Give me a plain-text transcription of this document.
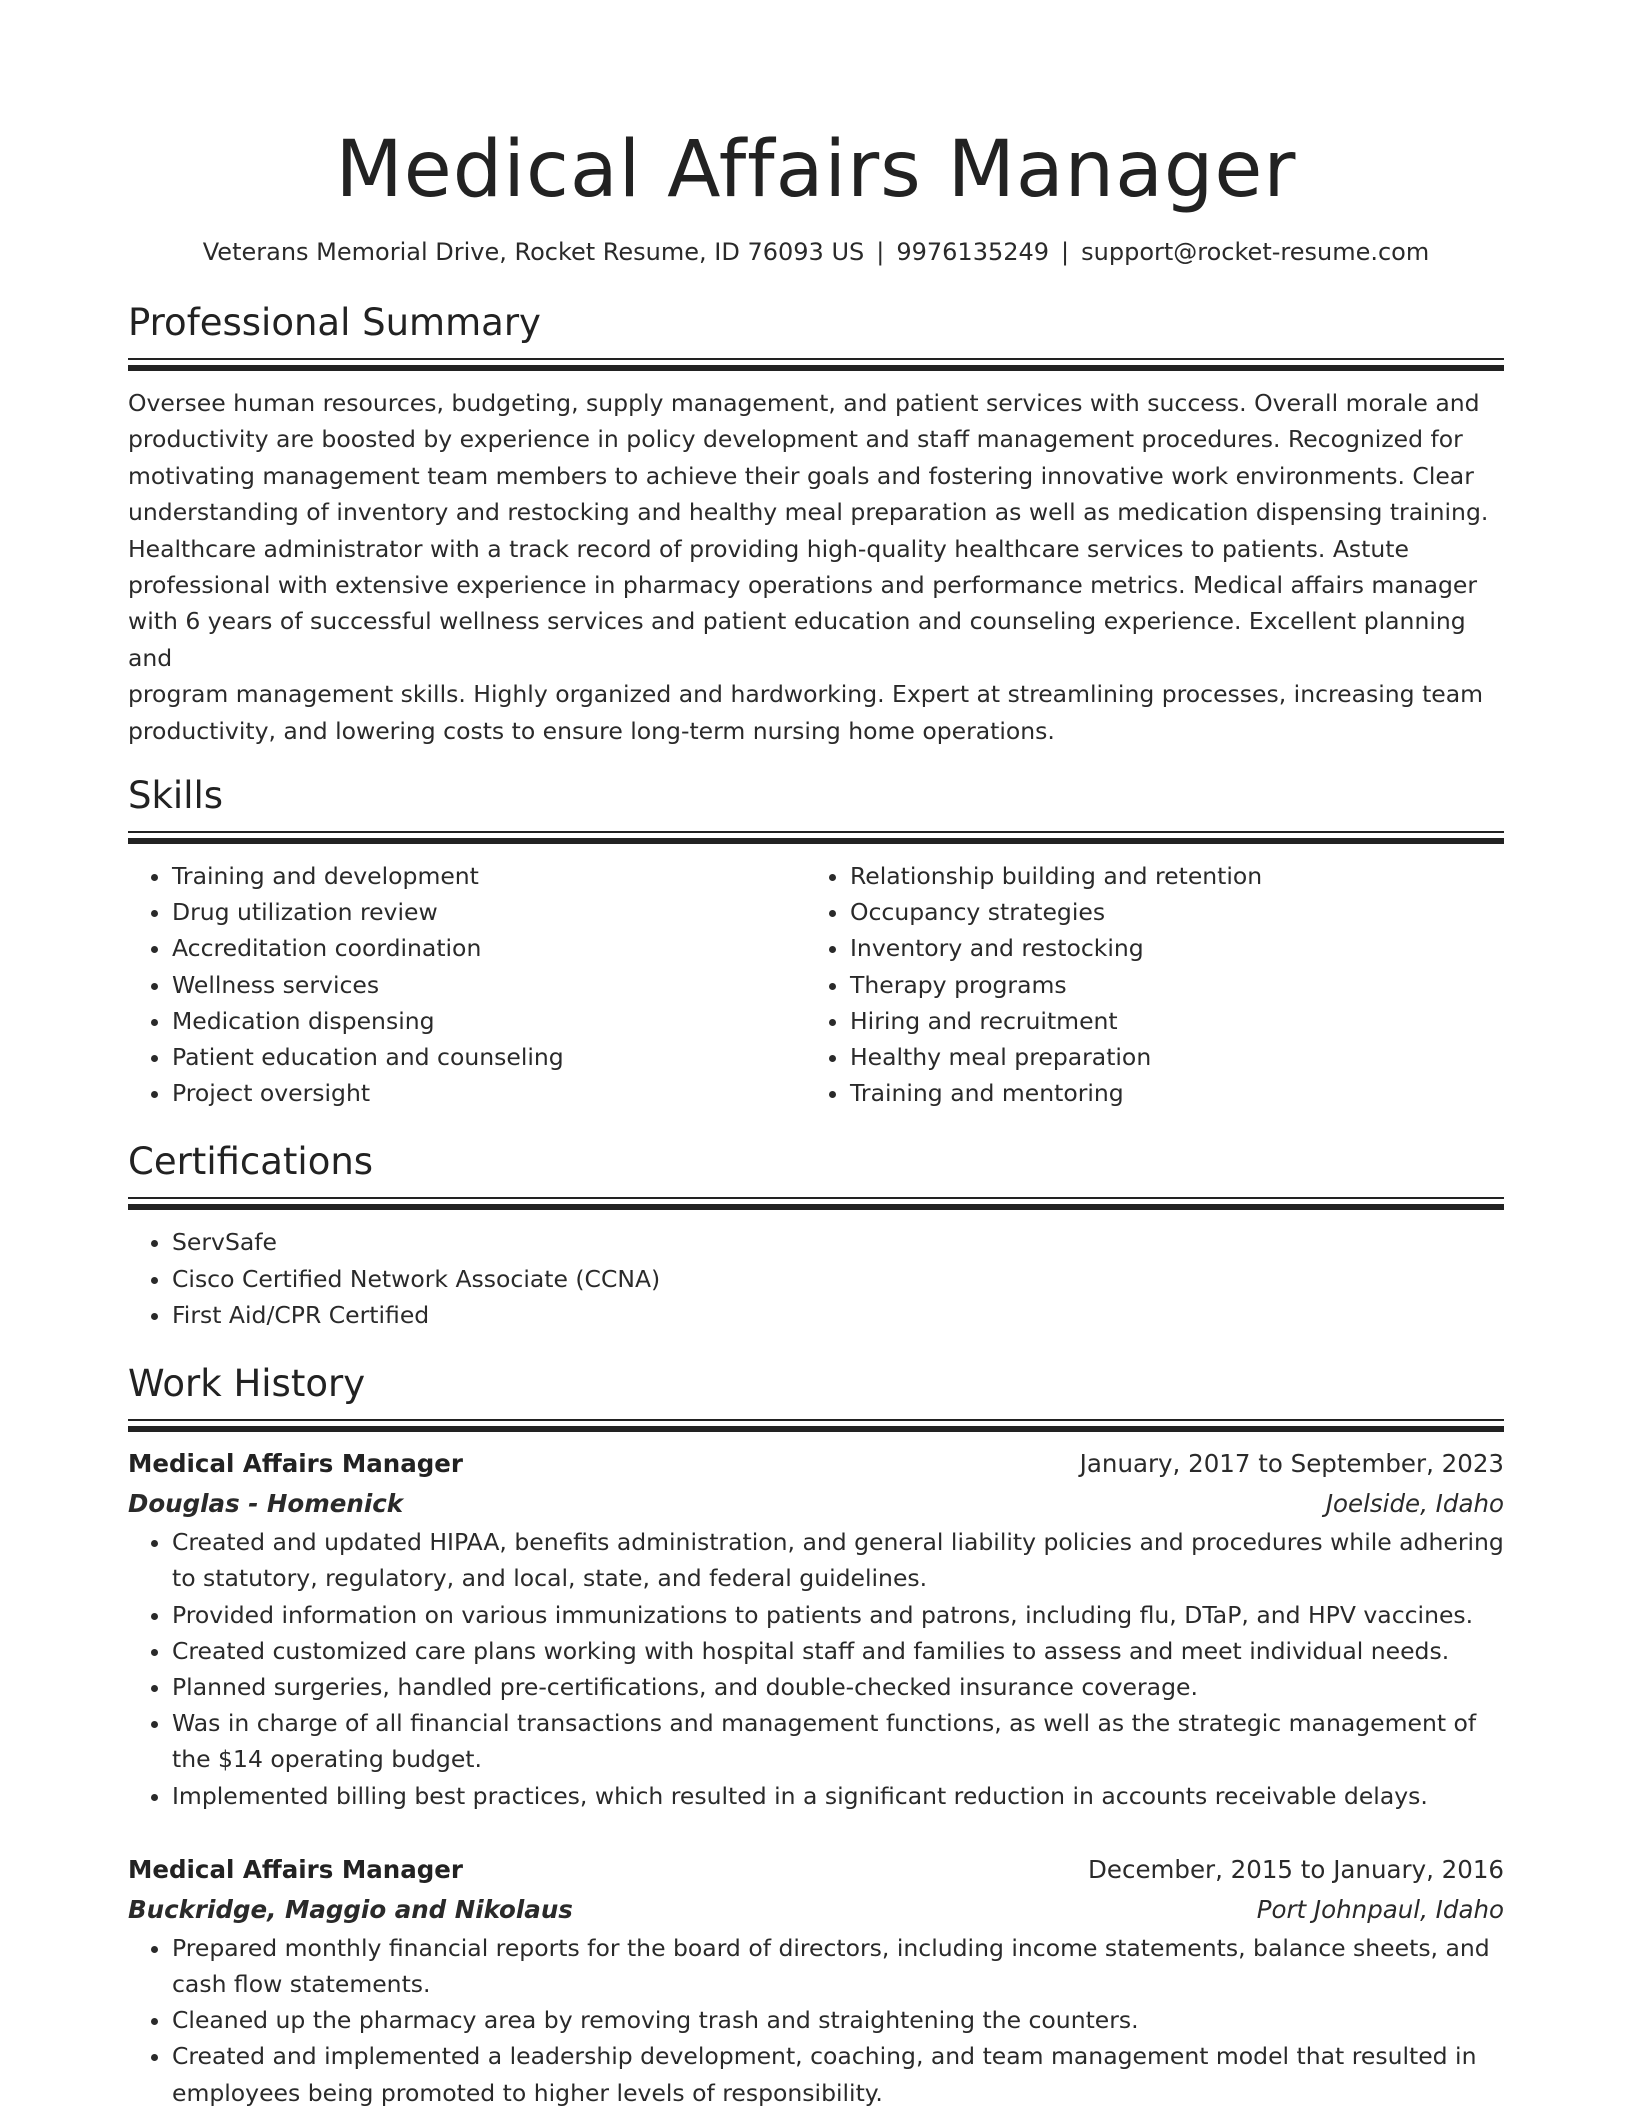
Medical Affairs Manager
Veterans Memorial Drive, Rocket Resume, ID 76093 US | 9976135249 | support@rocket-resume.com
Professional Summary
Oversee human resources, budgeting, supply management, and patient services with success. Overall morale and
productivity are boosted by experience in policy development and staff management procedures. Recognized for
motivating management team members to achieve their goals and fostering innovative work environments. Clear
understanding of inventory and restocking and healthy meal preparation as well as medication dispensing training.
Healthcare administrator with a track record of providing high-quality healthcare services to patients. Astute
professional with extensive experience in pharmacy operations and performance metrics. Medical affairs manager
with 6 years of successful wellness services and patient education and counseling experience. Excellent planning and
program management skills. Highly organized and hardworking. Expert at streamlining processes, increasing team
productivity, and lowering costs to ensure long-term nursing home operations.
Skills
• Training and development
• Drug utilization review
• Accreditation coordination
• Wellness services
• Medication dispensing
• Patient education and counseling
• Project oversight
• Relationship building and retention
• Occupancy strategies
• Inventory and restocking
• Therapy programs
• Hiring and recruitment
• Healthy meal preparation
• Training and mentoring
Certifications
• ServSafe
• Cisco Certified Network Associate (CCNA)
• First Aid/CPR Certified
Work History
Medical Affairs Manager	January, 2017 to September, 2023
Douglas - Homenick	Joelside, Idaho
• Created and updated HIPAA, benefits administration, and general liability policies and procedures while adhering to statutory, regulatory, and local, state, and federal guidelines.
• Provided information on various immunizations to patients and patrons, including flu, DTaP, and HPV vaccines.
• Created customized care plans working with hospital staff and families to assess and meet individual needs.
• Planned surgeries, handled pre-certifications, and double-checked insurance coverage.
• Was in charge of all financial transactions and management functions, as well as the strategic management of the $14 operating budget.
• Implemented billing best practices, which resulted in a significant reduction in accounts receivable delays.
Medical Affairs Manager	December, 2015 to January, 2016
Buckridge, Maggio and Nikolaus	Port Johnpaul, Idaho
• Prepared monthly financial reports for the board of directors, including income statements, balance sheets, and cash flow statements.
• Cleaned up the pharmacy area by removing trash and straightening the counters.
• Created and implemented a leadership development, coaching, and team management model that resulted in employees being promoted to higher levels of responsibility.
